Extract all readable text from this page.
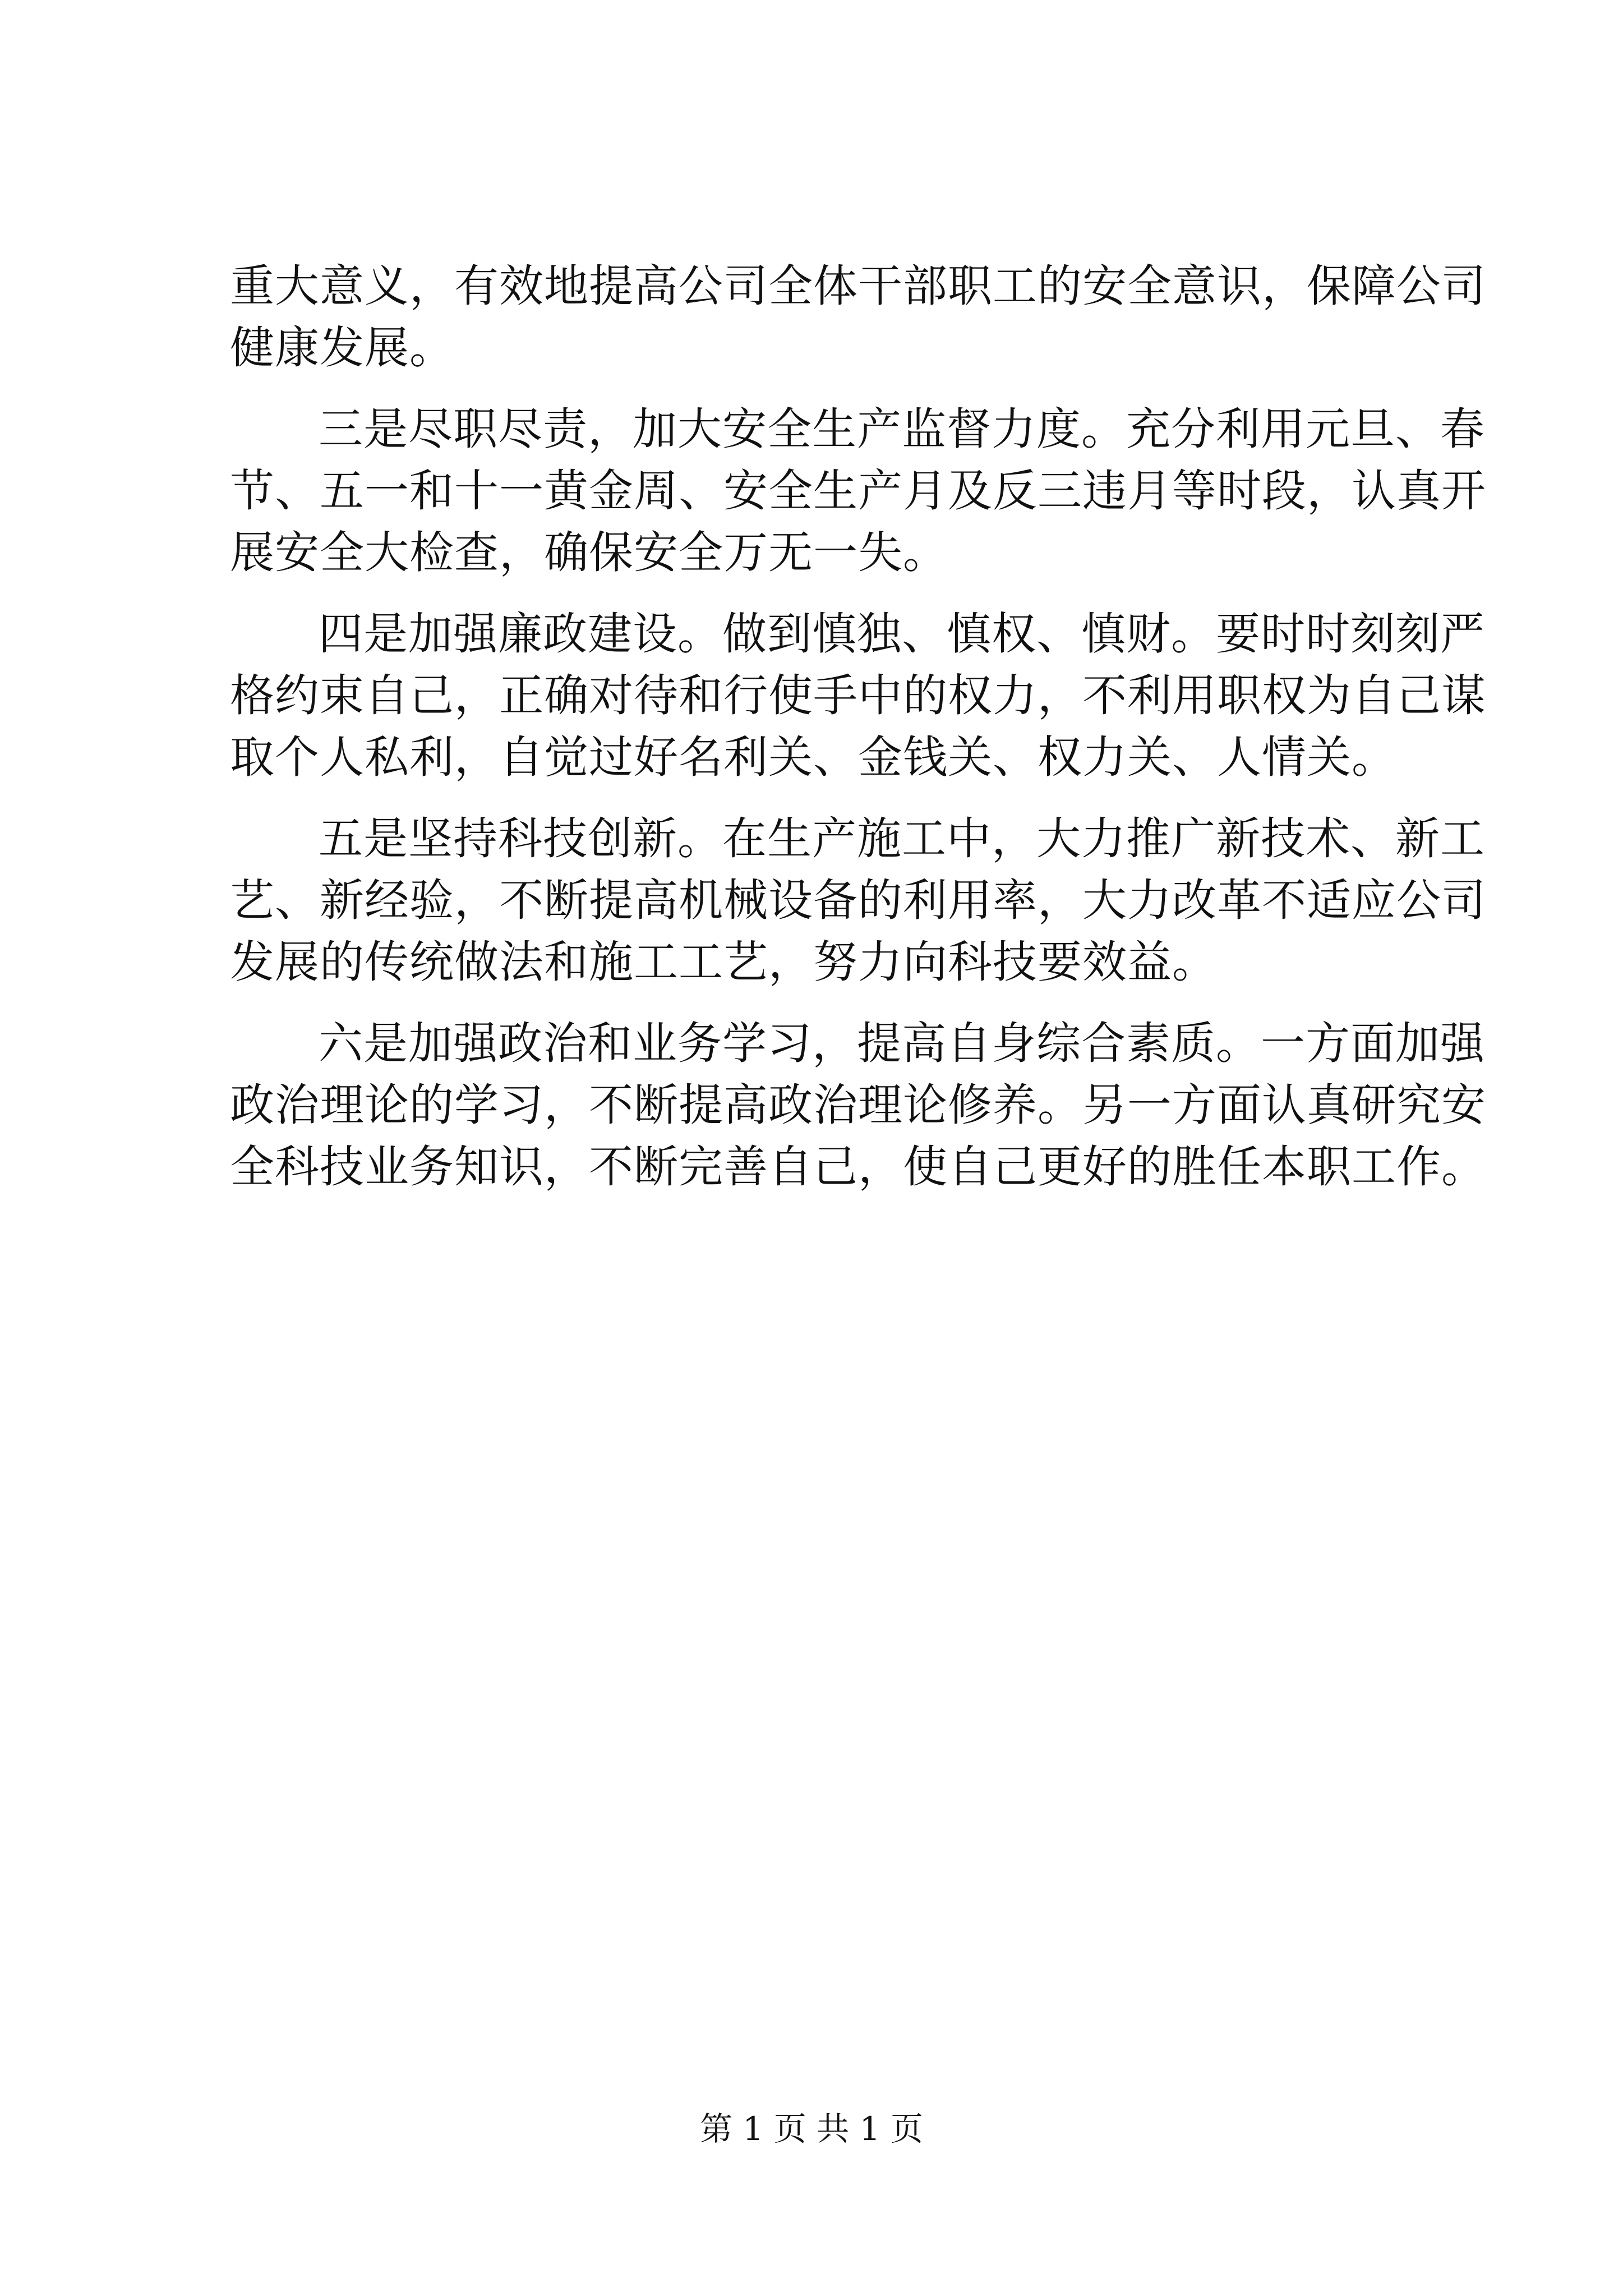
重大意义，有效地提高公司全体干部职工的安全意识，保障公司
健康发展。
三是尽职尽责，加大安全生产监督力度。充分利用元旦、春
节、五一和十一黄金周、安全生产月及反三违月等时段，认真开
展安全大检查，确保安全万无一失。
四是加强廉政建设。做到慎独、慎权、慎财。要时时刻刻严
格约束自己，正确对待和行使手中的权力，不利用职权为自己谋
取个人私利，自觉过好名利关、金钱关、权力关、人情关。
五是坚持科技创新。在生产施工中，大力推广新技术、新工
艺、新经验，不断提高机械设备的利用率，大力改革不适应公司
发展的传统做法和施工工艺，努力向科技要效益。
六是加强政治和业务学习，提高自身综合素质。一方面加强
政治理论的学习，不断提高政治理论修养。另一方面认真研究安
全科技业务知识，不断完善自己，使自己更好的胜任本职工作。
第 1 页 共 1 页
